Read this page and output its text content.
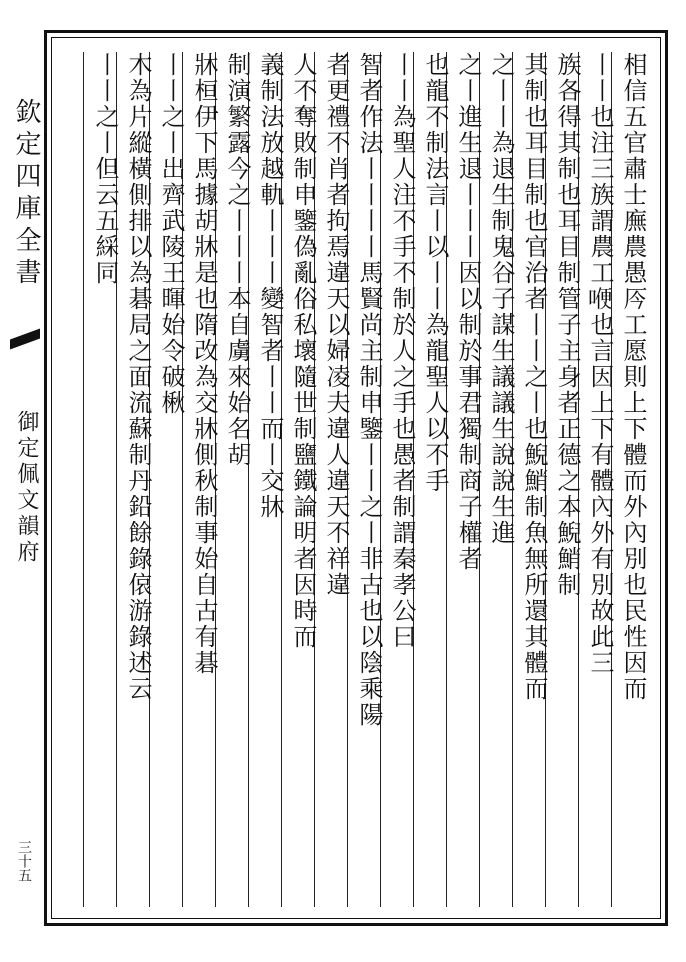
欽定四庫全書
御定佩文韻府
三十五
相信五官肅士廡農愚㕂工愿則上下體而外內別也民性因而
丨丨也注三族謂農工𠷊也言因上下有體內外有別故此三
族各得其制也耳目制管子主身者正德之本鯢鮹制
其制也耳目制也官治者丨丨之丨也鯢鮹制魚無所還其體而
之丨丨為退生制鬼谷子謀生議議生說說生進
之丨進生退丨丨丨因以制於事君獨制商子權者
也龍不制法言丨以丨丨為龍聖人以不手
丨丨為聖人注不手不制於人之手也愚者制謂秦孝公曰
智者作法丨丨丨丨馬賢尚主制申鑒丨丨之丨非古也以陰乘陽
者更禮不肖者拘焉違天以婦凌夫違人違天不祥違
人不奪敗制申鑒偽亂俗私壞隨世制鹽鐵論明者因時而
義制法放越軌丨丨丨變智者丨丨而丨交牀
制演繁露今之丨丨丨本自虜來始名胡
牀桓伊下馬據胡牀是也隋改為交牀側秋制事始自古有碁
丨丨之丨出齊武陵王暉始令破楸
木為片縱橫側排以為碁局之面流蘇制丹鉛餘錄偯游錄述云
丨丨之丨但云五綵同
